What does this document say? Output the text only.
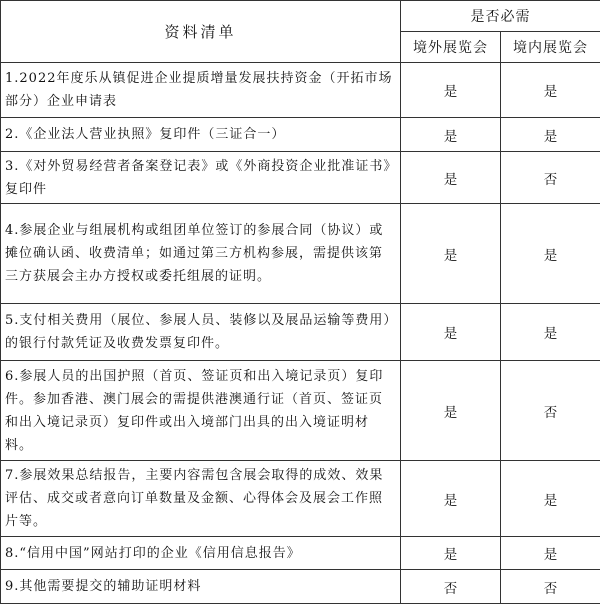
资料清单	是否必需	
	境外展览会	境内展览会
1.2022年度乐从镇促进企业提质增量发展扶持资金（开拓市场部分）企业申请表	是	是
2.《企业法人营业执照》复印件（三证合一）	是	是
3.《对外贸易经营者备案登记表》或《外商投资企业批准证书》复印件	是	否
4.参展企业与组展机构或组团单位签订的参展合同（协议）或摊位确认函、收费清单；如通过第三方机构参展，需提供该第三方获展会主办方授权或委托组展的证明。	是	是
5.支付相关费用（展位、参展人员、装修以及展品运输等费用）的银行付款凭证及收费发票复印件。	是	是
6.参展人员的出国护照（首页、签证页和出入境记录页）复印件。参加香港、澳门展会的需提供港澳通行证（首页、签证页和出入境记录页）复印件或出入境部门出具的出入境证明材料。	是	否
7.参展效果总结报告，主要内容需包含展会取得的成效、效果评估、成交或者意向订单数量及金额、心得体会及展会工作照片等。	是	是
8.“信用中国”网站打印的企业《信用信息报告》	是	是
9.其他需要提交的辅助证明材料	否	否
